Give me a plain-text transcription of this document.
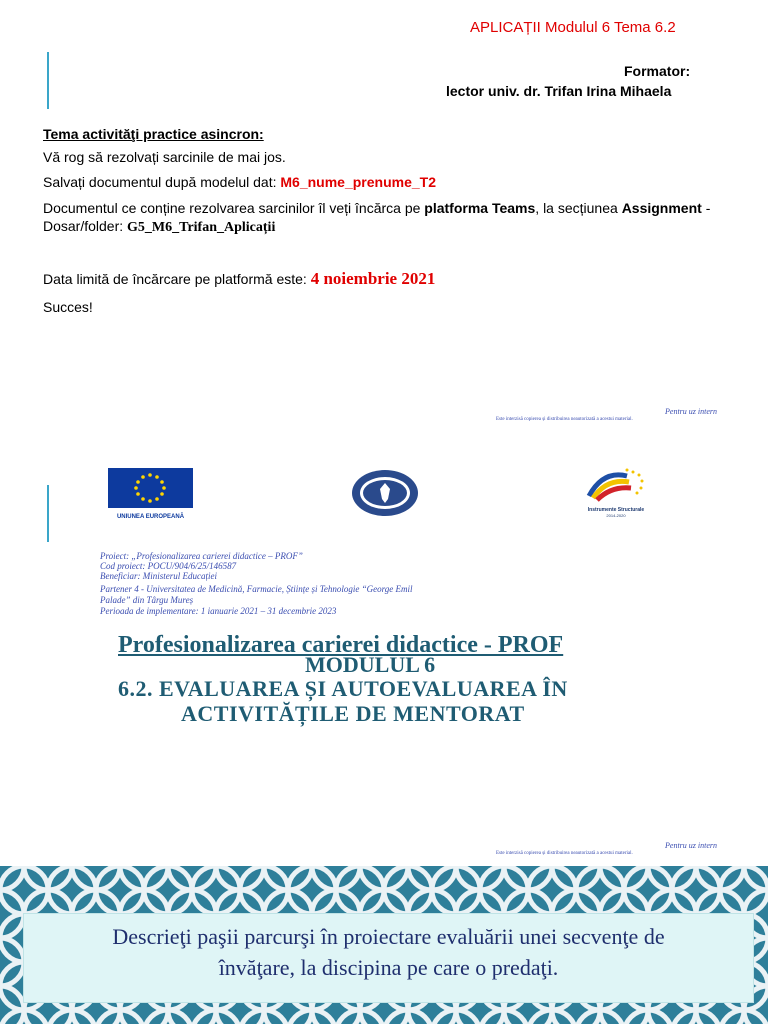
APLICAȚII Modulul 6 Tema 6.2
Formator:
lector univ. dr. Trifan Irina Mihaela
Tema activităţi practice asincron:
Vă rog să rezolvați sarcinile de mai jos.
Salvați documentul după modelul dat: M6_nume_prenume_T2
Documentul ce conține rezolvarea sarcinilor îl veți încărca pe platforma Teams, la secțiunea Assignment -
Dosar/folder: G5_M6_Trifan_Aplicații
Data limită de încărcare pe platformă este: 4 noiembrie 2021
Succes!
Pentru uz intern
Este interzisă copierea și distribuirea neautorizată a acestui material.
UNIUNEA EUROPEANĂ
Instrumente Structurale
2014-2020
Proiect: „Profesionalizarea carierei didactice – PROF”
Cod proiect: POCU/904/6/25/146587
Beneficiar: Ministerul Educației
Partener 4 - Universitatea de Medicină, Farmacie, Științe și Tehnologie “George Emil
Palade” din Târgu Mureș
Perioada de implementare: 1 ianuarie 2021 – 31 decembrie 2023
Profesionalizarea carierei didactice - PROF
MODULUL 6
6.2. EVALUAREA ȘI AUTOEVALUAREA ÎN
ACTIVITĂȚILE DE MENTORAT
Pentru uz intern
Este interzisă copierea și distribuirea neautorizată a acestui material.
Descrieţi paşii parcurşi în proiectare evaluării unei secvenţe de
învăţare, la discipina pe care o predaţi.
